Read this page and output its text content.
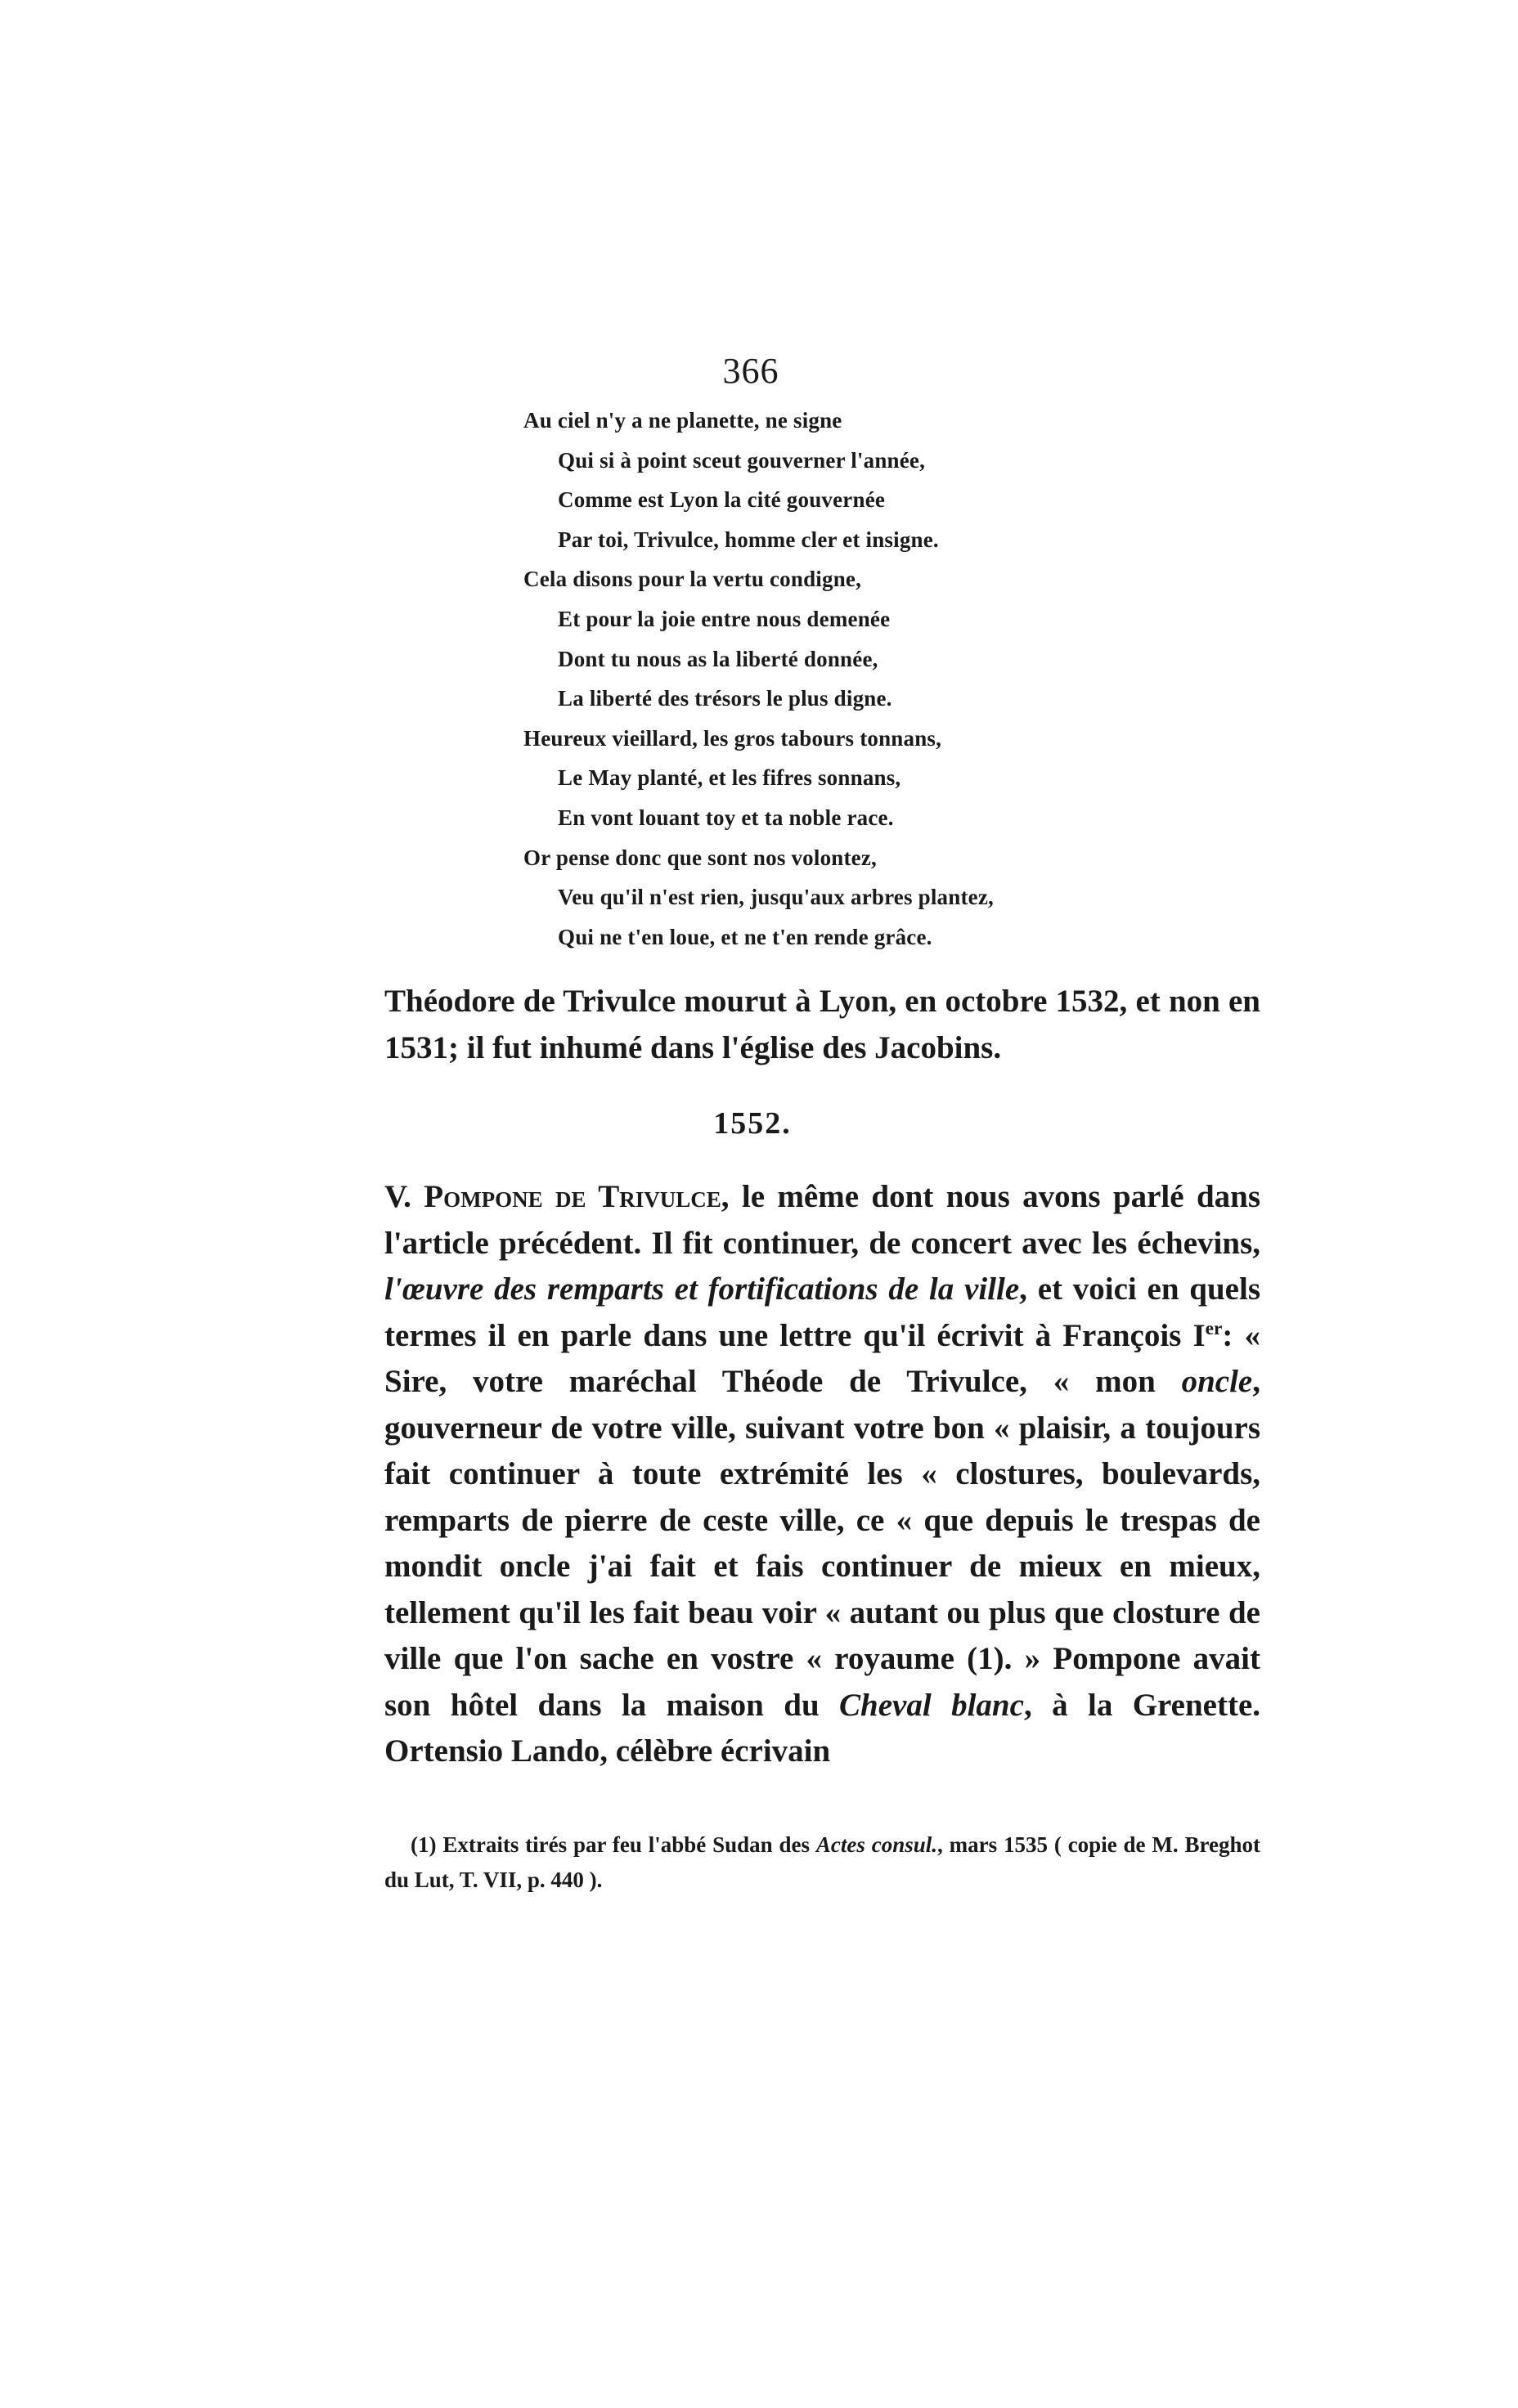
366
Au ciel n'y a ne planette, ne signe
Qui si à point sceut gouverner l'année,
Comme est Lyon la cité gouvernée
Par toi, Trivulce, homme cler et insigne.
Cela disons pour la vertu condigne,
Et pour la joie entre nous demenée
Dont tu nous as la liberté donnée,
La liberté des trésors le plus digne.
Heureux vieillard, les gros tabours tonnans,
Le May planté, et les fifres sonnans,
En vont louant toy et ta noble race.
Or pense donc que sont nos volontez,
Veu qu'il n'est rien, jusqu'aux arbres plantez,
Qui ne t'en loue, et ne t'en rende grâce.
Théodore de Trivulce mourut à Lyon, en octobre 1532, et non en 1531; il fut inhumé dans l'église des Jacobins.
1552.
V. Pompone de Trivulce, le même dont nous avons parlé dans l'article précédent. Il fit continuer, de concert avec les échevins, l'œuvre des remparts et fortifications de la ville, et voici en quels termes il en parle dans une lettre qu'il écrivit à François Ier: « Sire, votre maréchal Théode de Trivulce, « mon oncle, gouverneur de votre ville, suivant votre bon « plaisir, a toujours fait continuer à toute extrémité les « clostures, boulevards, remparts de pierre de ceste ville, ce « que depuis le trespas de mondit oncle j'ai fait et fais continuer de mieux en mieux, tellement qu'il les fait beau voir « autant ou plus que closture de ville que l'on sache en vostre « royaume (1). » Pompone avait son hôtel dans la maison du Cheval blanc, à la Grenette. Ortensio Lando, célèbre écrivain
(1) Extraits tirés par feu l'abbé Sudan des Actes consul., mars 1535 ( copie de M. Breghot du Lut, T. VII, p. 440 ).
